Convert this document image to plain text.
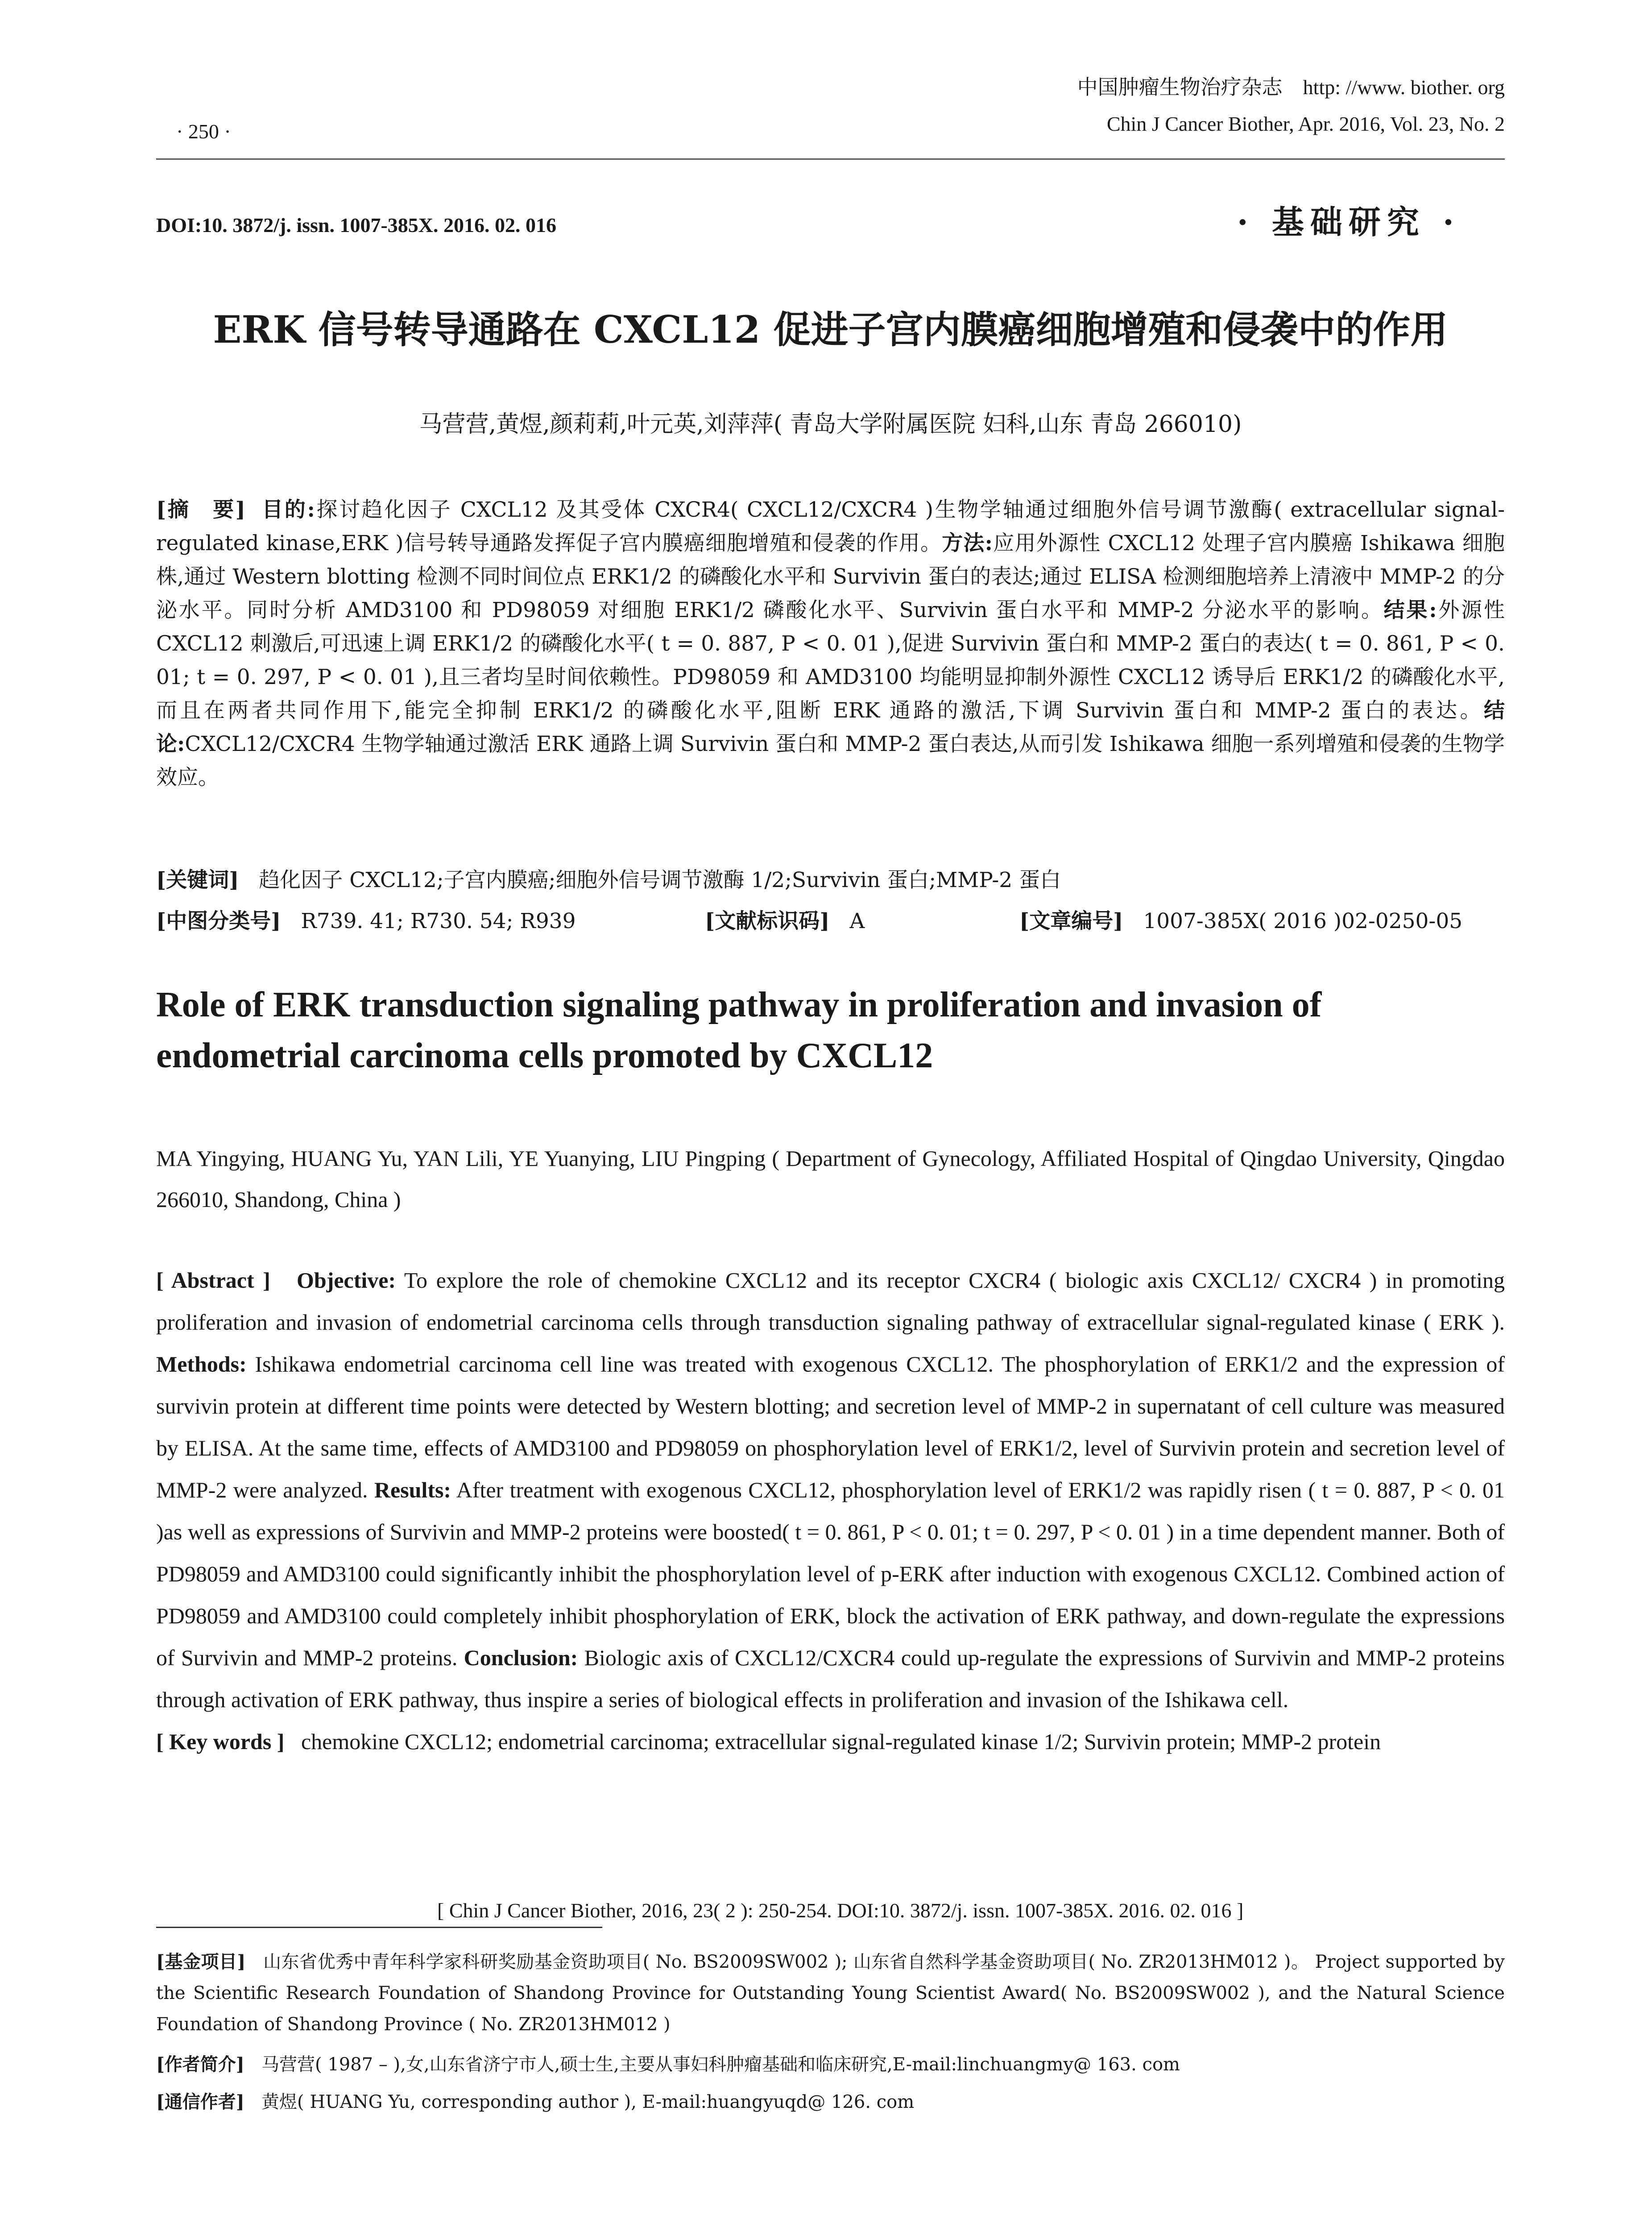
· 250 ·
中国肿瘤生物治疗杂志 http: //www. biother. org
Chin J Cancer Biother, Apr. 2016, Vol. 23, No. 2
DOI:10. 3872/j. issn. 1007-385X. 2016. 02. 016	· 基础研究 ·
ERK 信号转导通路在 CXCL12 促进子宫内膜癌细胞增殖和侵袭中的作用
马营营,黄煜,颜莉莉,叶元英,刘萍萍( 青岛大学附属医院 妇科,山东 青岛 266010)
[摘　要] 目的:探讨趋化因子 CXCL12 及其受体 CXCR4( CXCL12/CXCR4 )生物学轴通过细胞外信号调节激酶( extracellular signal-regulated kinase,ERK )信号转导通路发挥促子宫内膜癌细胞增殖和侵袭的作用。方法:应用外源性 CXCL12 处理子宫内膜癌 Ishikawa 细胞株,通过 Western blotting 检测不同时间位点 ERK1/2 的磷酸化水平和 Survivin 蛋白的表达;通过 ELISA 检测细胞培养上清液中 MMP-2 的分泌水平。同时分析 AMD3100 和 PD98059 对细胞 ERK1/2 磷酸化水平、Survivin 蛋白水平和 MMP-2 分泌水平的影响。结果:外源性 CXCL12 刺激后,可迅速上调 ERK1/2 的磷酸化水平( t = 0. 887, P < 0. 01 ),促进 Survivin 蛋白和 MMP-2 蛋白的表达( t = 0. 861, P < 0. 01; t = 0. 297, P < 0. 01 ),且三者均呈时间依赖性。PD98059 和 AMD3100 均能明显抑制外源性 CXCL12 诱导后 ERK1/2 的磷酸化水平,而且在两者共同作用下,能完全抑制 ERK1/2 的磷酸化水平,阻断 ERK 通路的激活,下调 Survivin 蛋白和 MMP-2 蛋白的表达。结论:CXCL12/CXCR4 生物学轴通过激活 ERK 通路上调 Survivin 蛋白和 MMP-2 蛋白表达,从而引发 Ishikawa 细胞一系列增殖和侵袭的生物学效应。
[关键词] 趋化因子 CXCL12;子宫内膜癌;细胞外信号调节激酶 1/2;Survivin 蛋白;MMP-2 蛋白
[中图分类号] R739. 41; R730. 54; R939	[文献标识码] A	[文章编号] 1007-385X( 2016 )02-0250-05
Role of ERK transduction signaling pathway in proliferation and invasion of endometrial carcinoma cells promoted by CXCL12
MA Yingying, HUANG Yu, YAN Lili, YE Yuanying, LIU Pingping ( Department of Gynecology, Affiliated Hospital of Qingdao University, Qingdao 266010, Shandong, China )
[ Abstract ] Objective: To explore the role of chemokine CXCL12 and its receptor CXCR4 ( biologic axis CXCL12/ CXCR4 ) in promoting proliferation and invasion of endometrial carcinoma cells through transduction signaling pathway of extracellular signal-regulated kinase ( ERK ). Methods: Ishikawa endometrial carcinoma cell line was treated with exogenous CXCL12. The phosphorylation of ERK1/2 and the expression of survivin protein at different time points were detected by Western blotting; and secretion level of MMP-2 in supernatant of cell culture was measured by ELISA. At the same time, effects of AMD3100 and PD98059 on phosphorylation level of ERK1/2, level of Survivin protein and secretion level of MMP-2 were analyzed. Results: After treatment with exogenous CXCL12, phosphorylation level of ERK1/2 was rapidly risen ( t = 0. 887, P < 0. 01 )as well as expressions of Survivin and MMP-2 proteins were boosted( t = 0. 861, P < 0. 01; t = 0. 297, P < 0. 01 ) in a time dependent manner. Both of PD98059 and AMD3100 could significantly inhibit the phosphorylation level of p-ERK after induction with exogenous CXCL12. Combined action of PD98059 and AMD3100 could completely inhibit phosphorylation of ERK, block the activation of ERK pathway, and down-regulate the expressions of Survivin and MMP-2 proteins. Conclusion: Biologic axis of CXCL12/CXCR4 could up-regulate the expressions of Survivin and MMP-2 proteins through activation of ERK pathway, thus inspire a series of biological effects in proliferation and invasion of the Ishikawa cell.
[ Key words ] chemokine CXCL12; endometrial carcinoma; extracellular signal-regulated kinase 1/2; Survivin protein; MMP-2 protein
[ Chin J Cancer Biother, 2016, 23( 2 ): 250-254. DOI:10. 3872/j. issn. 1007-385X. 2016. 02. 016 ]
[基金项目] 山东省优秀中青年科学家科研奖励基金资助项目( No. BS2009SW002 ); 山东省自然科学基金资助项目( No. ZR2013HM012 )。 Project supported by the Scientific Research Foundation of Shandong Province for Outstanding Young Scientist Award( No. BS2009SW002 ), and the Natural Science Foundation of Shandong Province ( No. ZR2013HM012 )
[作者简介] 马营营( 1987 – ),女,山东省济宁市人,硕士生,主要从事妇科肿瘤基础和临床研究,E-mail:linchuangmy@ 163. com
[通信作者] 黄煜( HUANG Yu, corresponding author ), E-mail:huangyuqd@ 126. com
